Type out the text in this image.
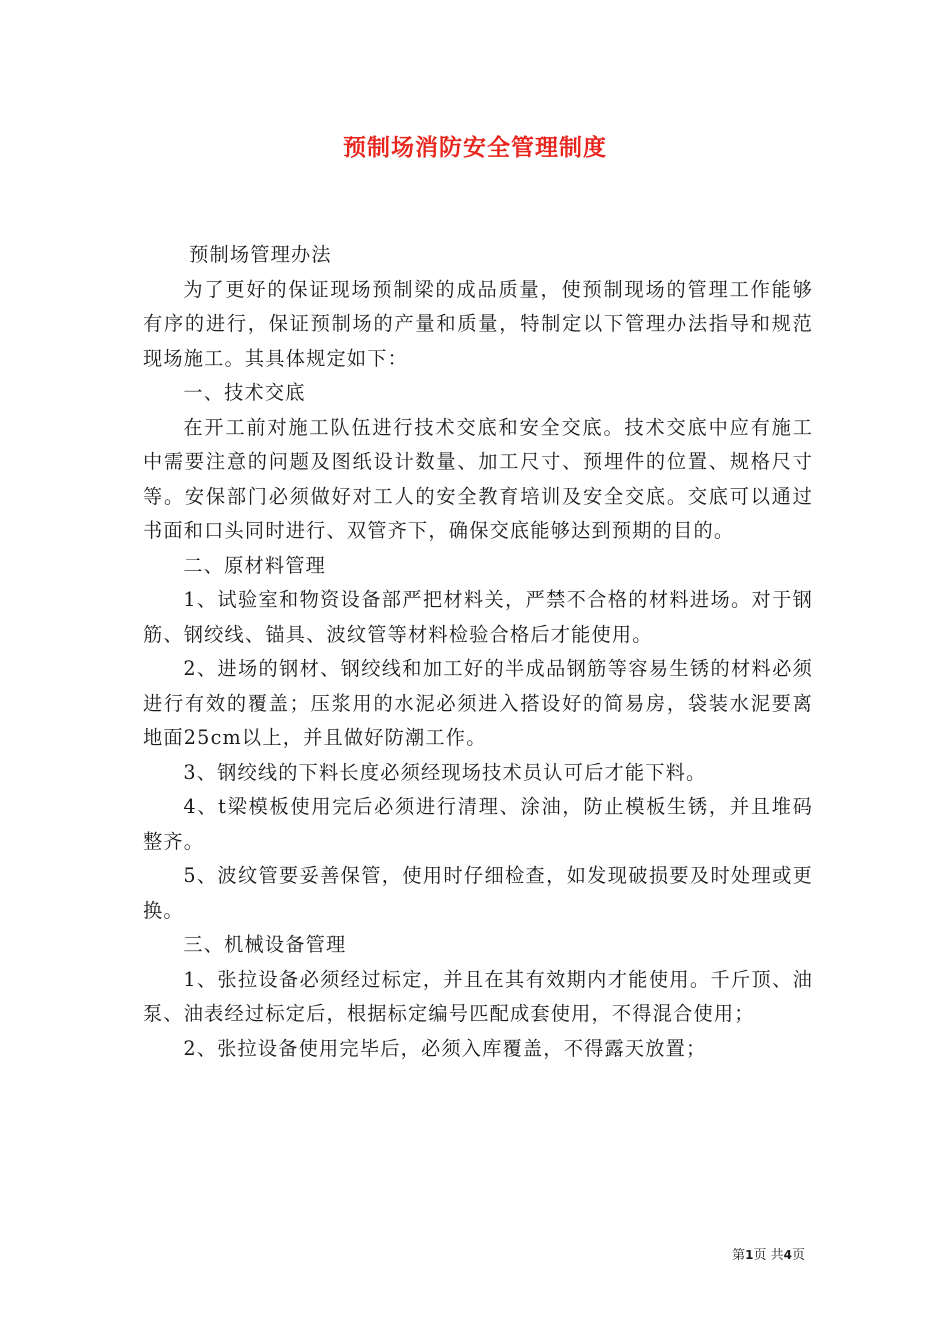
预制场消防安全管理制度

预制场管理办法

为了更好的保证现场预制梁的成品质量，使预制现场的管理工作能够有序的进行，保证预制场的产量和质量，特制定以下管理办法指导和规范现场施工。其具体规定如下：

一、技术交底

在开工前对施工队伍进行技术交底和安全交底。技术交底中应有施工中需要注意的问题及图纸设计数量、加工尺寸、预埋件的位置、规格尺寸等。安保部门必须做好对工人的安全教育培训及安全交底。交底可以通过书面和口头同时进行、双管齐下，确保交底能够达到预期的目的。

二、原材料管理

1、试验室和物资设备部严把材料关，严禁不合格的材料进场。对于钢筋、钢绞线、锚具、波纹管等材料检验合格后才能使用。

2、进场的钢材、钢绞线和加工好的半成品钢筋等容易生锈的材料必须进行有效的覆盖；压浆用的水泥必须进入搭设好的简易房，袋装水泥要离地面25cm以上，并且做好防潮工作。

3、钢绞线的下料长度必须经现场技术员认可后才能下料。

4、t梁模板使用完后必须进行清理、涂油，防止模板生锈，并且堆码整齐。

5、波纹管要妥善保管，使用时仔细检查，如发现破损要及时处理或更换。

三、机械设备管理

1、张拉设备必须经过标定，并且在其有效期内才能使用。千斤顶、油泵、油表经过标定后，根据标定编号匹配成套使用，不得混合使用；

2、张拉设备使用完毕后，必须入库覆盖，不得露天放置；

第1页 共4页
